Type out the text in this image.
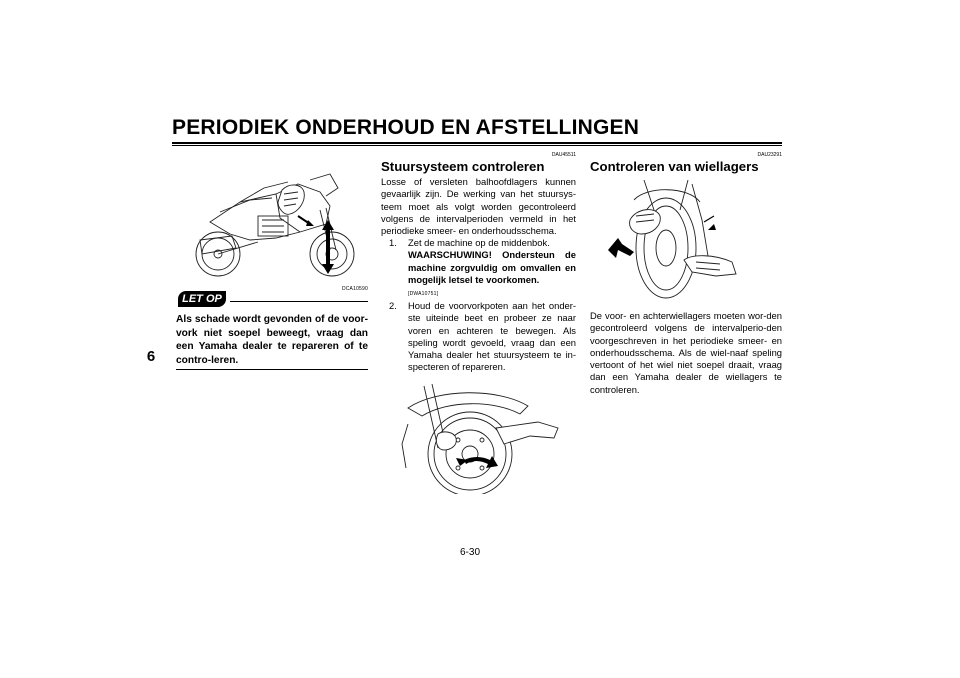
PERIODIEK ONDERHOUD EN AFSTELLINGEN
6
DCA10590
LET OP
Als schade wordt gevonden of de voor-vork niet soepel beweegt, vraag dan een Yamaha dealer te repareren of te contro-leren.
DAU45511
Stuursysteem controleren
Losse of versleten balhoofdlagers kunnen gevaarlijk zijn. De werking van het stuursys-teem moet als volgt worden gecontroleerd volgens de intervalperioden vermeld in het periodieke smeer- en onderhoudsschema.
1. Zet de machine op de middenbok.
WAARSCHUWING! Ondersteun de machine zorgvuldig om omvallen en mogelijk letsel te voorkomen.
[DWA10751]
2. Houd de voorvorkpoten aan het onder-ste uiteinde beet en probeer ze naar voren en achteren te bewegen. Als speling wordt gevoeld, vraag dan een Yamaha dealer het stuursysteem te in-specteren of repareren.
DAU23291
Controleren van wiellagers
De voor- en achterwiellagers moeten wor-den gecontroleerd volgens de intervalperio-den voorgeschreven in het periodieke smeer- en onderhoudsschema. Als de wiel-naaf speling vertoont of het wiel niet soepel draait, vraag dan een Yamaha dealer de wiellagers te controleren.
6-30
